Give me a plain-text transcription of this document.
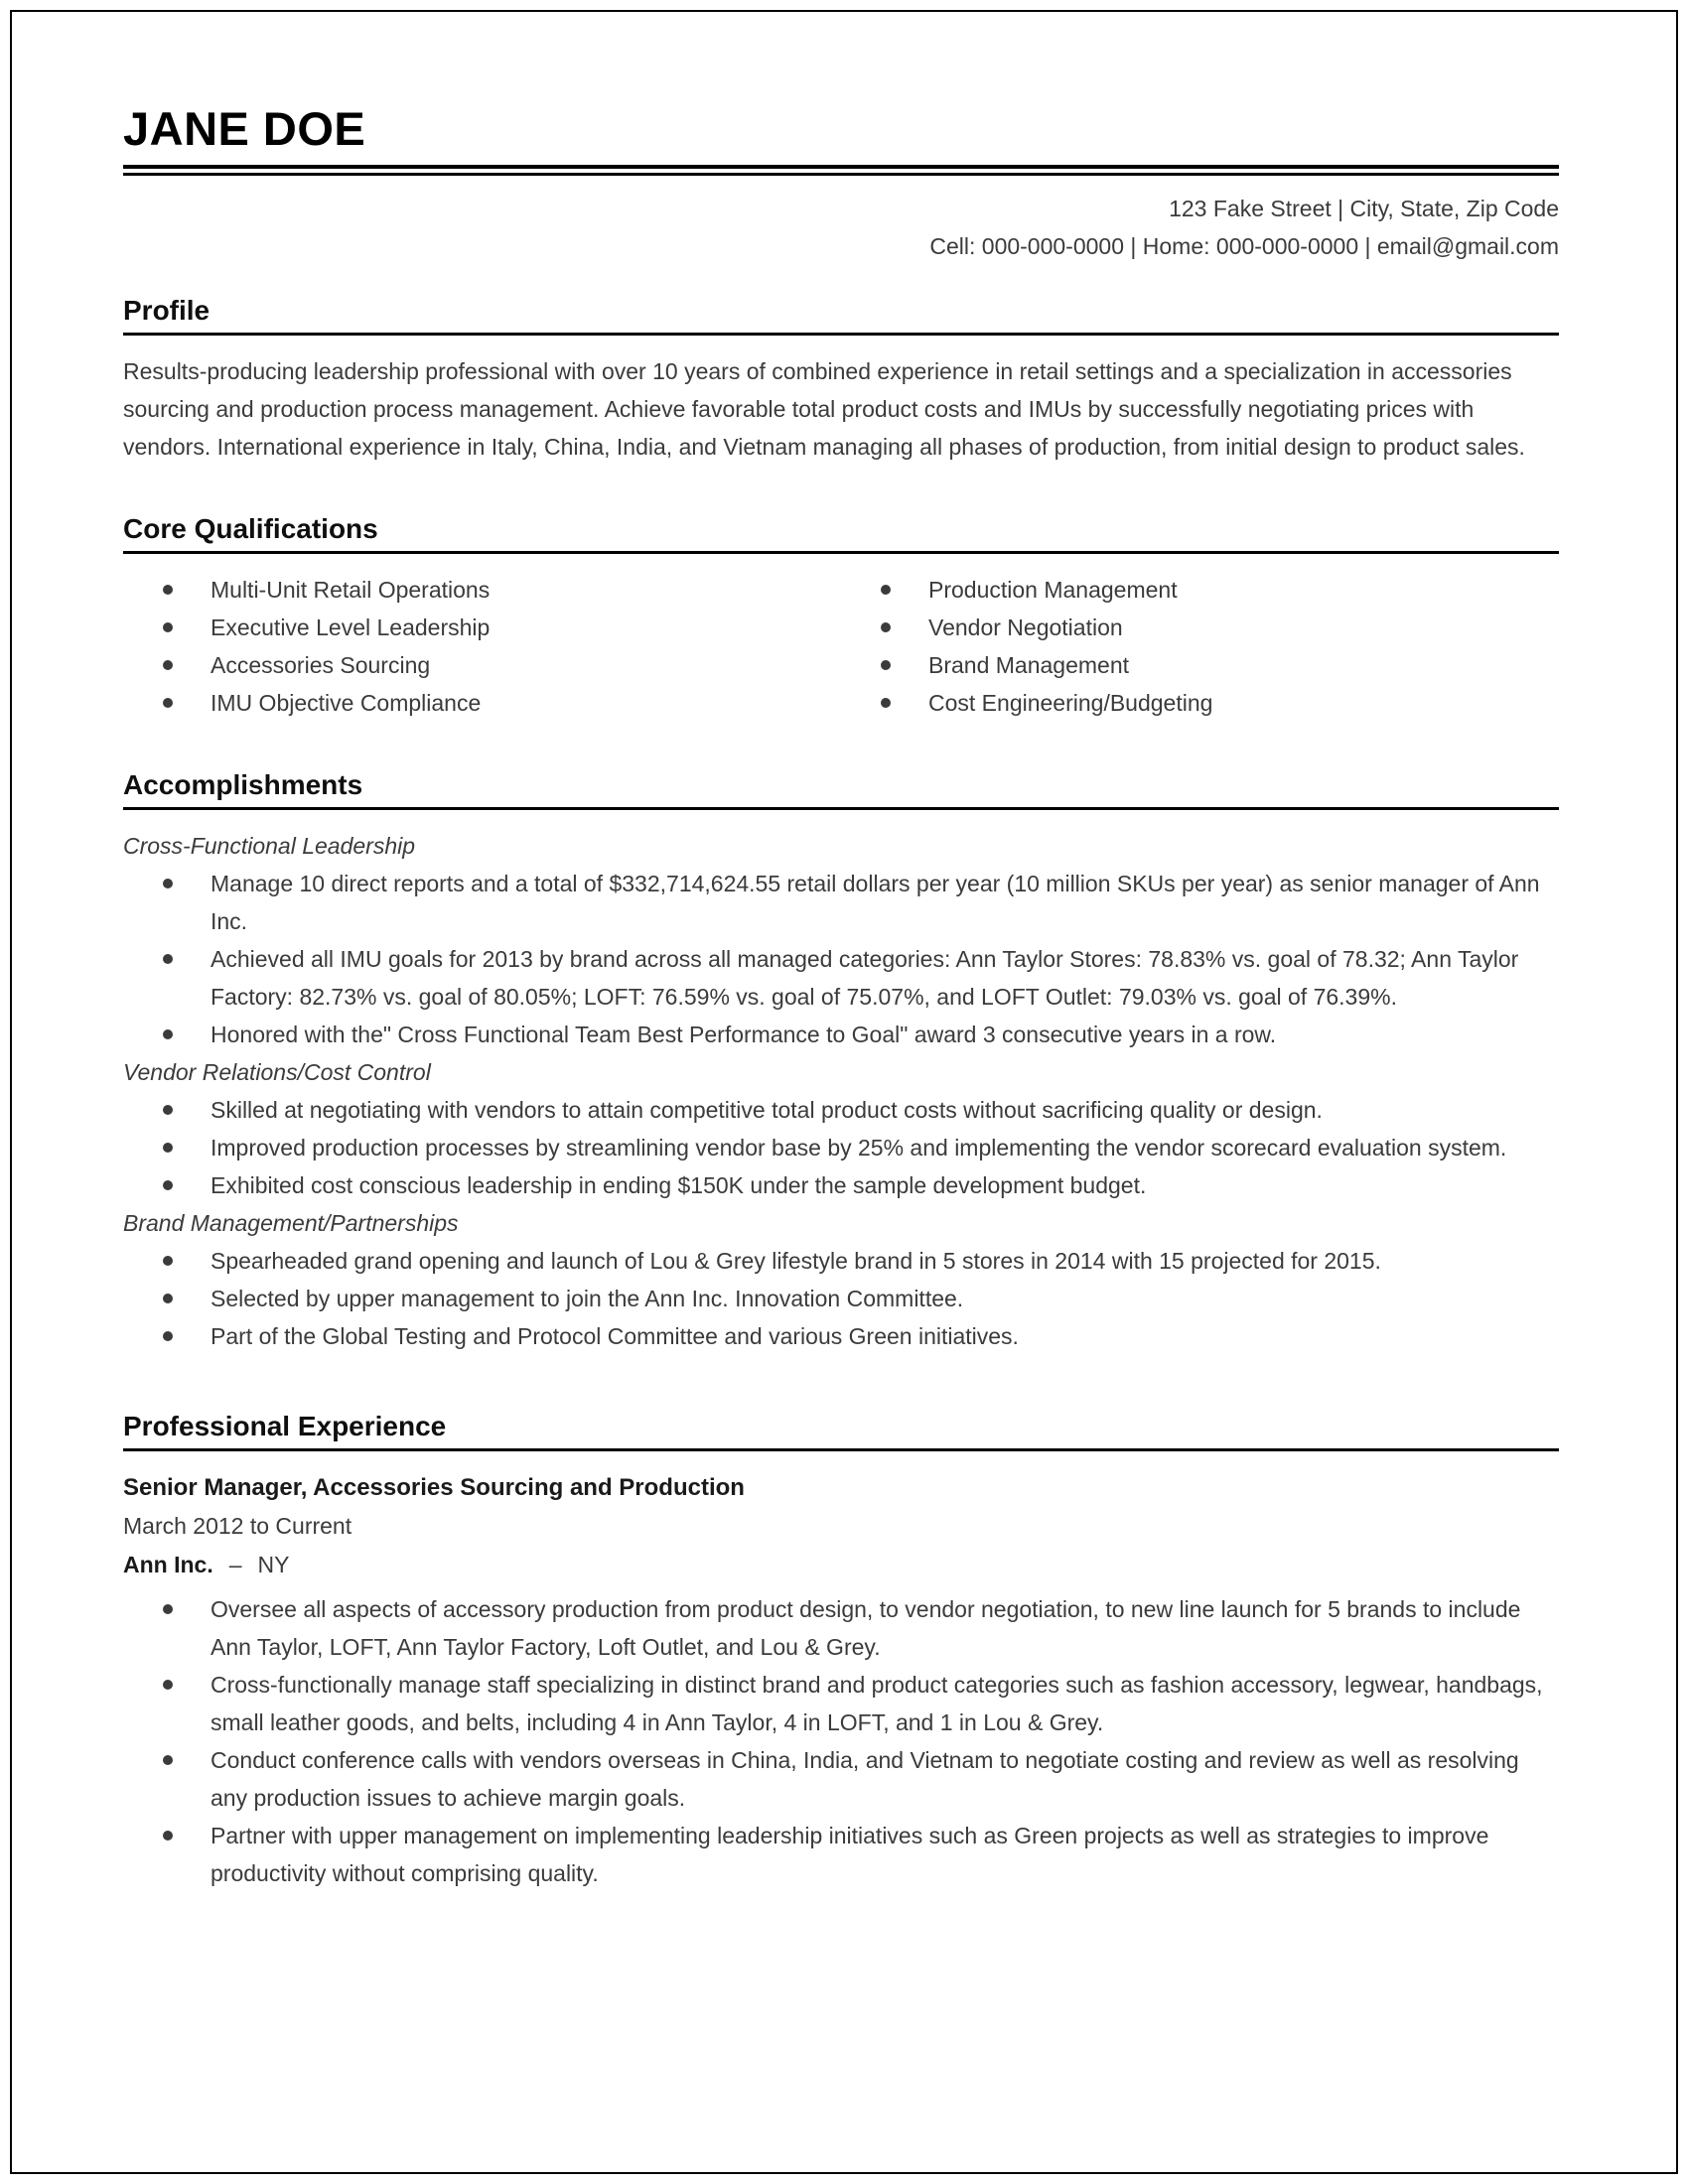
JANE DOE
123 Fake Street | City, State, Zip Code
Cell: 000-000-0000 | Home: 000-000-0000 | email@gmail.com
Profile

Results-producing leadership professional with over 10 years of combined experience in retail settings and a specialization in accessories sourcing and production process management. Achieve favorable total product costs and IMUs by successfully negotiating prices with vendors. International experience in Italy, China, India, and Vietnam managing all phases of production, from initial design to product sales.

Core Qualifications
Multi-Unit Retail Operations
Executive Level Leadership
Accessories Sourcing
IMU Objective Compliance
Production Management
Vendor Negotiation
Brand Management
Cost Engineering/Budgeting
Accomplishments
Cross-Functional Leadership
Manage 10 direct reports and a total of $332,714,624.55 retail dollars per year (10 million SKUs per year) as senior manager of Ann Inc.
Achieved all IMU goals for 2013 by brand across all managed categories: Ann Taylor Stores: 78.83% vs. goal of 78.32; Ann Taylor Factory: 82.73% vs. goal of 80.05%; LOFT: 76.59% vs. goal of 75.07%, and LOFT Outlet: 79.03% vs. goal of 76.39%.
Honored with the" Cross Functional Team Best Performance to Goal" award 3 consecutive years in a row.
Vendor Relations/Cost Control
Skilled at negotiating with vendors to attain competitive total product costs without sacrificing quality or design.
Improved production processes by streamlining vendor base by 25% and implementing the vendor scorecard evaluation system.
Exhibited cost conscious leadership in ending $150K under the sample development budget.
Brand Management/Partnerships
Spearheaded grand opening and launch of Lou & Grey lifestyle brand in 5 stores in 2014 with 15 projected for 2015.
Selected by upper management to join the Ann Inc. Innovation Committee.
Part of the Global Testing and Protocol Committee and various Green initiatives.
Professional Experience
Senior Manager, Accessories Sourcing and Production
March 2012 to Current
Ann Inc. – NY
Oversee all aspects of accessory production from product design, to vendor negotiation, to new line launch for 5 brands to include Ann Taylor, LOFT, Ann Taylor Factory, Loft Outlet, and Lou & Grey.
Cross-functionally manage staff specializing in distinct brand and product categories such as fashion accessory, legwear, handbags, small leather goods, and belts, including 4 in Ann Taylor, 4 in LOFT, and 1 in Lou & Grey.
Conduct conference calls with vendors overseas in China, India, and Vietnam to negotiate costing and review as well as resolving any production issues to achieve margin goals.
Partner with upper management on implementing leadership initiatives such as Green projects as well as strategies to improve productivity without comprising quality.
